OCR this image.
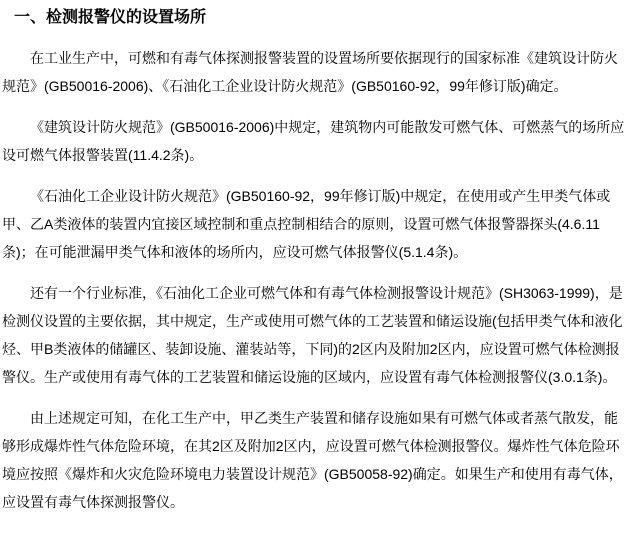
一、检测报警仪的设置场所

在工业生产中，可燃和有毒气体探测报警装置的设置场所要依据现行的国家标准《建筑设计防火规范》(GB50016-2006)、《石油化工企业设计防火规范》(GB50160-92，99年修订版)确定。

《建筑设计防火规范》(GB50016-2006)中规定，建筑物内可能散发可燃气体、可燃蒸气的场所应设可燃气体报警装置(11.4.2条)。

《石油化工企业设计防火规范》(GB50160-92，99年修订版)中规定，在使用或产生甲类气体或甲、乙A类液体的装置内宜接区域控制和重点控制相结合的原则，设置可燃气体报警器探头(4.6.11条)；在可能泄漏甲类气体和液体的场所内，应设可燃气体报警仪(5.1.4条)。

还有一个行业标准，《石油化工企业可燃气体和有毒气体检测报警设计规范》(SH3063-1999)，是检测仪设置的主要依据，其中规定，生产或使用可燃气体的工艺装置和储运设施(包括甲类气体和液化烃、甲B类液体的储罐区、装卸设施、灌装站等，下同)的2区内及附加2区内，应设置可燃气体检测报警仪。生产或使用有毒气体的工艺装置和储运设施的区域内，应设置有毒气体检测报警仪(3.0.1条)。

由上述规定可知，在化工生产中，甲乙类生产装置和储存设施如果有可燃气体或者蒸气散发，能够形成爆炸性气体危险环境，在其2区及附加2区内，应设置可燃气体检测报警仪。爆炸性气体危险环境应按照《爆炸和火灾危险环境电力装置设计规范》(GB50058-92)确定。如果生产和使用有毒气体，应设置有毒气体探测报警仪。
